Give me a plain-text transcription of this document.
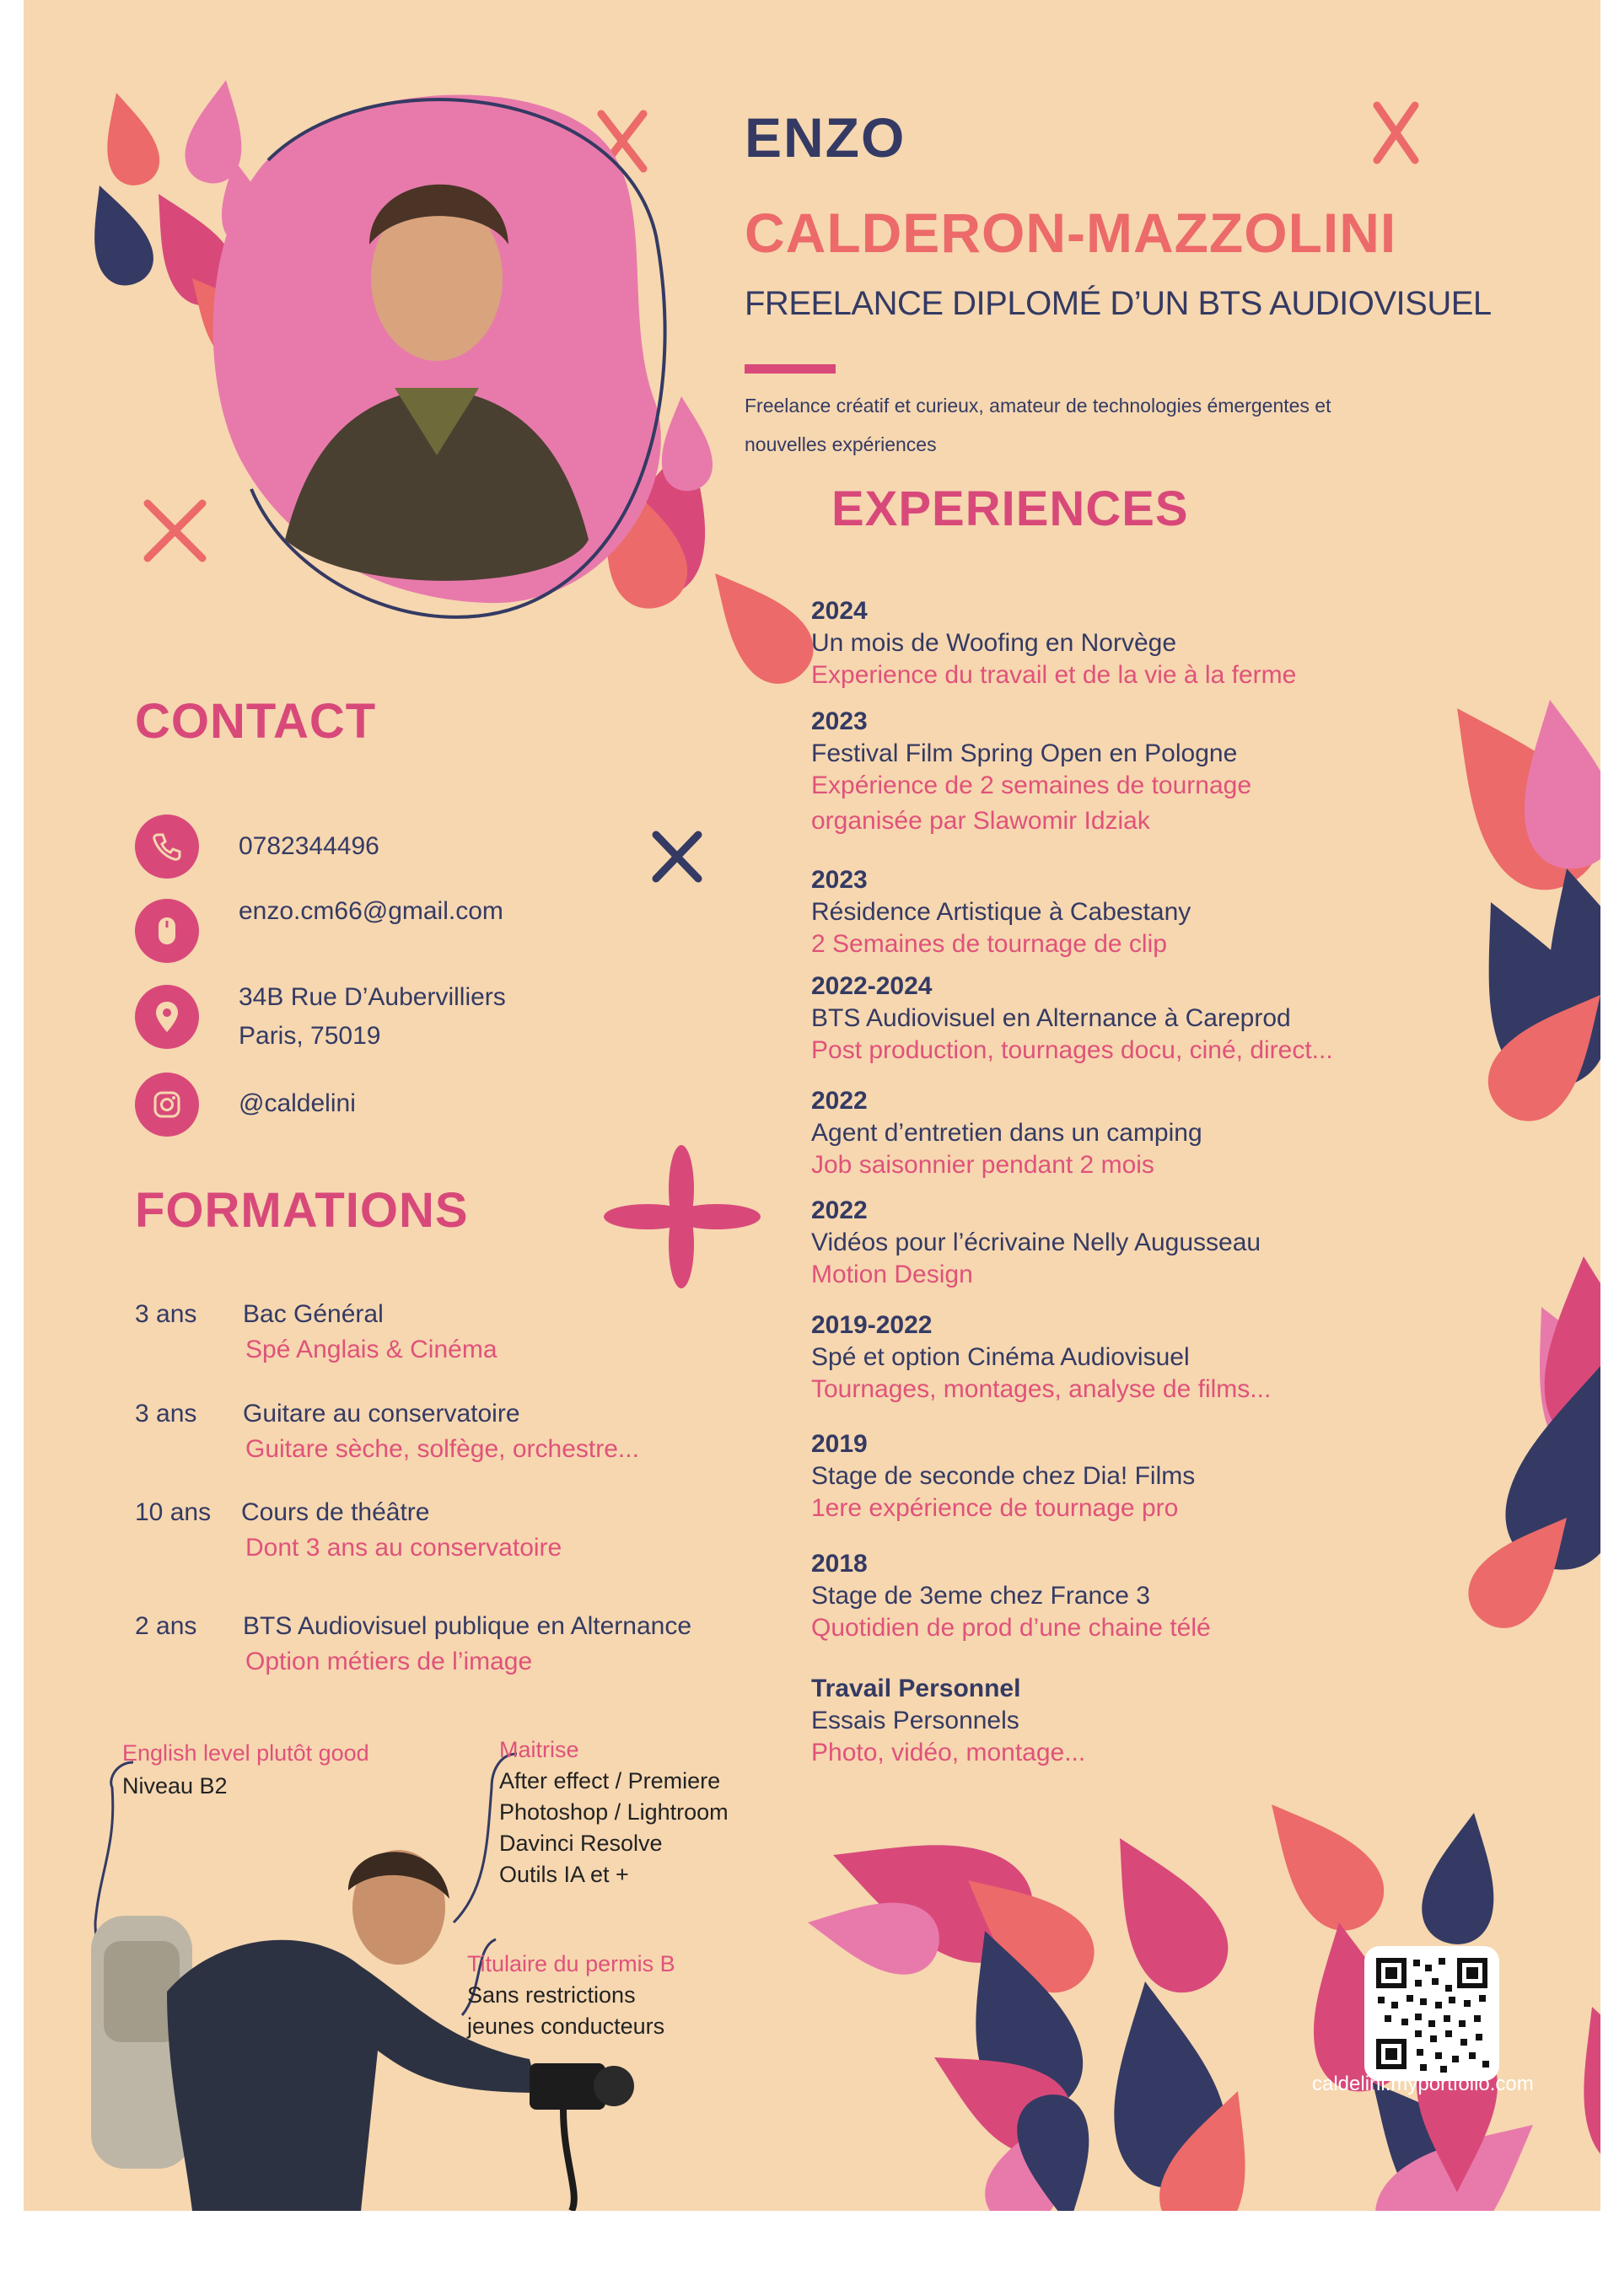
ENZO
CALDERON-MAZZOLINI
FREELANCE DIPLOMÉ D’UN BTS AUDIOVISUEL
Freelance créatif et curieux, amateur de technologies émergentes et
nouvelles expériences
CONTACT
0782344496
enzo.cm66@gmail.com
34B Rue D’Aubervilliers
Paris, 75019
@caldelini
FORMATIONS
3 ans Bac Général
Spé Anglais & Cinéma
3 ans Guitare au conservatoire
Guitare sèche, solfège, orchestre...
10 ans Cours de théâtre
Dont 3 ans au conservatoire
2 ans BTS Audiovisuel publique en Alternance
Option métiers de l’image
English level plutôt good
Niveau B2
Maitrise
After effect / Premiere
Photoshop / Lightroom
Davinci Resolve
Outils IA et +
Titulaire du permis B
Sans restrictions
jeunes conducteurs
EXPERIENCES
2024
Un mois de Woofing en Norvège
Experience du travail et de la vie à la ferme
2023
Festival Film Spring Open en Pologne
Expérience de 2 semaines de tournage
organisée par Slawomir Idziak
2023
Résidence Artistique à Cabestany
2 Semaines de tournage de clip
2022-2024
BTS Audiovisuel en Alternance à Careprod
Post production, tournages docu, ciné, direct...
2022
Agent d’entretien dans un camping
Job saisonnier pendant 2 mois
2022
Vidéos pour l’écrivaine Nelly Augusseau
Motion Design
2019-2022
Spé et option Cinéma Audiovisuel
Tournages, montages, analyse de films...
2019
Stage de seconde chez Dia! Films
1ere expérience de tournage pro
2018
Stage de 3eme chez France 3
Quotidien de prod d’une chaine télé
Travail Personnel
Essais Personnels
Photo, vidéo, montage...
caldelini.myportfolio.com
